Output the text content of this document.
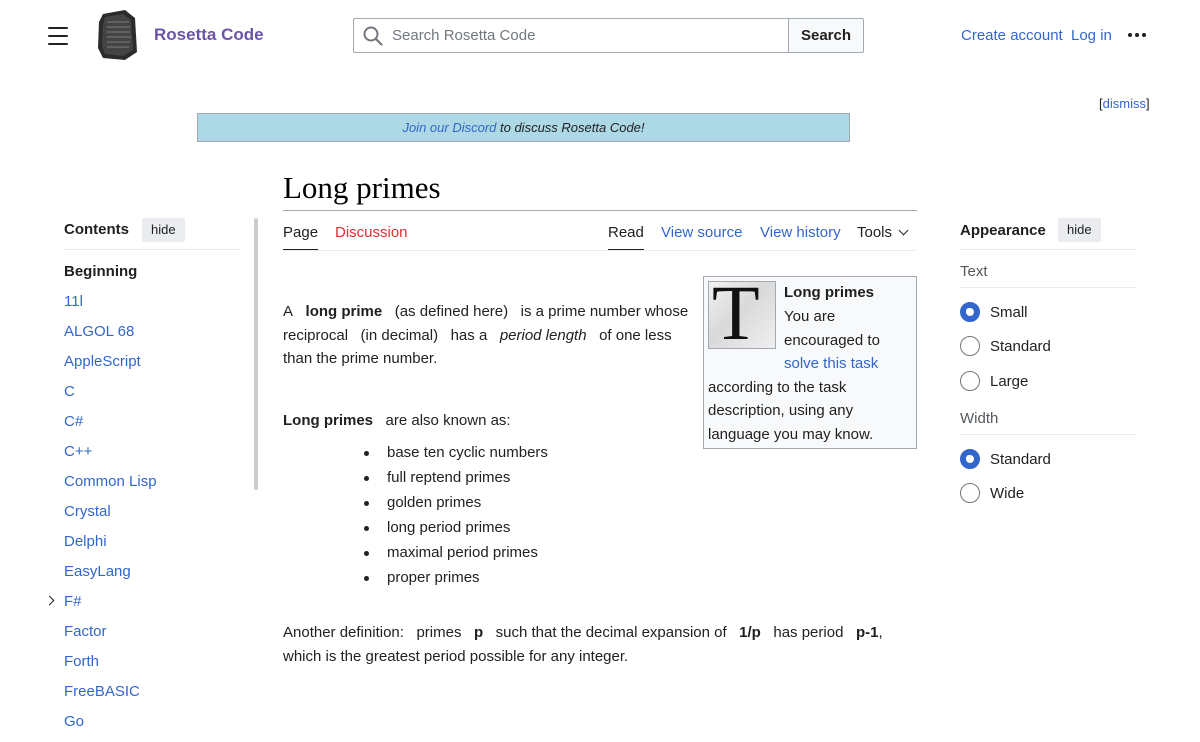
Rosetta Code
Search Rosetta Code	Search	Create account Log in
[dismiss]
Join our Discord to discuss Rosetta Code!
Long primes
Page Discussion	Read View source View history Tools
Contents	hide
Beginning
11l
ALGOL 68
AppleScript
C
C#
C++
Common Lisp
Crystal
Delphi
EasyLang
F#
Factor
Forth
FreeBASIC
Go

A long prime (as defined here) is a prime number whose reciprocal (in decimal) has a period length of one less than the prime number.

Long primes are also known as:

base ten cyclic numbers
full reptend primes
golden primes
long period primes
maximal period primes
proper primes

Another definition: primes p such that the decimal expansion of 1/p has period p-1,
which is the greatest period possible for any integer.

T Long primes
You are
encouraged to
solve this task
according to the task
description, using any
language you may know.
Appearance	hide
Text
Small
Standard
Large
Width
Standard
Wide
